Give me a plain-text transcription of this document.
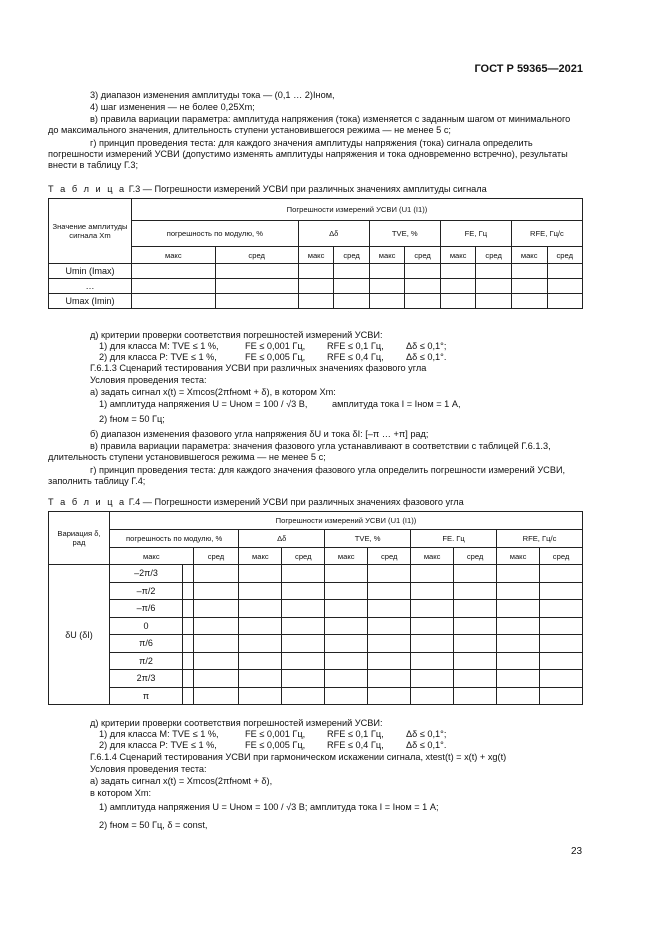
ГОСТ Р 59365—2021
3) диапазон изменения амплитуды тока — (0,1 … 2)Iном,
4) шаг изменения — не более 0,25Xm;
в) правила вариации параметра: амплитуда напряжения (тока) изменяется с заданным шагом от минимального до максимального значения, длительность ступени установившегося режима — не менее 5 с;
г) принцип проведения теста: для каждого значения амплитуды напряжения (тока) сигнала определить погрешности измерений УСВИ (допустимо изменять амплитуды напряжения и тока одновременно встречно), результаты внести в таблицу Г.3;
Т а б л и ц а Г.3 — Погрешности измерений УСВИ при различных значениях амплитуды сигнала
Значение амплитуды сигнала Xm	Погрешности измерений УСВИ (U1 (I1))									
	погрешность по модулю, %		Δδ		TVE, %		FE, Гц		RFE, Гц/с	
	макс	сред	макс	сред	макс	сред	макс	сред	макс	сред
Umin (Imax)										
…										
Umax (Imin)										
д) критерии проверки соответствия погрешностей измерений УСВИ:
1) для класса М: TVE ≤ 1 %,	FE ≤ 0,001 Гц, RFE ≤ 0,1 Гц, Δδ ≤ 0,1°;
2) для класса Р: TVE ≤ 1 %,	FE ≤ 0,005 Гц, RFE ≤ 0,4 Гц, Δδ ≤ 0,1°.
Г.6.1.3 Сценарий тестирования УСВИ при различных значениях фазового угла
Условия проведения теста:
а) задать сигнал x(t) = Xmcos(2πfномt + δ), в котором Xm:
1) амплитуда напряжения U = Uном = 100 / √3 В,	амплитуда тока I = Iном = 1 А,
2) fном = 50 Гц;
б) диапазон изменения фазового угла напряжения δU и тока δI: [–π … +π] рад;
в) правила вариации параметра: значения фазового угла устанавливают в соответствии с таблицей Г.6.1.3, длительность ступени установившегося режима — не менее 5 с;
г) принцип проведения теста: для каждого значения фазового угла определить погрешности измерений УСВИ, заполнить таблицу Г.4;
Т а б л и ц а Г.4 — Погрешности измерений УСВИ при различных значениях фазового угла
Вариация δ, рад	Погрешности измерений УСВИ (U1 (I1))										
	погрешность по модулю, %			Δδ		TVE, %		FE. Гц		RFE, Гц/с	
	макс		сред	макс	сред	макс	сред	макс	сред	макс	сред
δU (δI)	–2π/3										
	–π/2										
	–π/6										
	0										
	π/6										
	π/2										
	2π/3										
	π										
д) критерии проверки соответствия погрешностей измерений УСВИ:
1) для класса М: TVE ≤ 1 %,	FE ≤ 0,001 Гц, RFE ≤ 0,1 Гц, Δδ ≤ 0,1°;
2) для класса Р: TVE ≤ 1 %,	FE ≤ 0,005 Гц, RFE ≤ 0,4 Гц, Δδ ≤ 0,1°.
Г.6.1.4 Сценарий тестирования УСВИ при гармоническом искажении сигнала, xtest(t) = x(t) + xg(t)
Условия проведения теста:
а) задать сигнал x(t) = Xmcos(2πfномt + δ),
в котором Xm:
1) амплитуда напряжения U = Uном = 100 / √3 В; амплитуда тока I = Iном = 1 А;
2) fном = 50 Гц, δ = const,
23
